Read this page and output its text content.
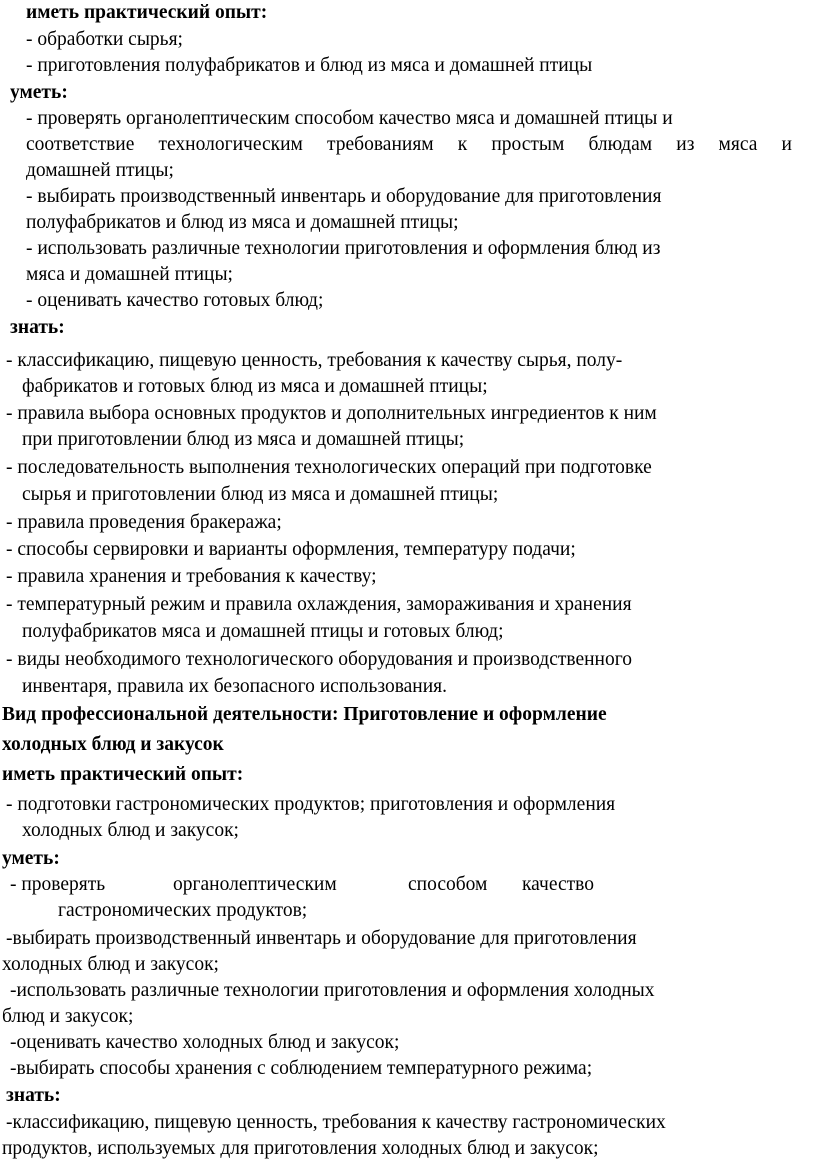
иметь практический опыт:
- обработки сырья;
- приготовления полуфабрикатов и блюд из мяса и домашней птицы
уметь:
- проверять органолептическим способом качество мяса и домашней птицы и
соответствие технологическим требованиям к простым блюдам из мяса и
домашней птицы;
- выбирать производственный инвентарь и оборудование для приготовления
полуфабрикатов и блюд из мяса и домашней птицы;
- использовать различные технологии приготовления и оформления блюд из
мяса и домашней птицы;
- оценивать качество готовых блюд;
знать:
- классификацию, пищевую ценность, требования к качеству сырья, полу-
фабрикатов и готовых блюд из мяса и домашней птицы;
- правила выбора основных продуктов и дополнительных ингредиентов к ним
при приготовлении блюд из мяса и домашней птицы;
- последовательность выполнения технологических операций при подготовке
сырья и приготовлении блюд из мяса и домашней птицы;
- правила проведения бракеража;
- способы сервировки и варианты оформления, температуру подачи;
- правила хранения и требования к качеству;
- температурный режим и правила охлаждения, замораживания и хранения
полуфабрикатов мяса и домашней птицы и готовых блюд;
- виды необходимого технологического оборудования и производственного
инвентаря, правила их безопасного использования.
Вид профессиональной деятельности: Приготовление и оформление
холодных блюд и закусок
иметь практический опыт:
- подготовки гастрономических продуктов; приготовления и оформления
холодных блюд и закусок;
уметь:
- проверять	органолептическим	способом качество
гастрономических продуктов;
-выбирать производственный инвентарь и оборудование для приготовления
холодных блюд и закусок;
-использовать различные технологии приготовления и оформления холодных
блюд и закусок;
-оценивать качество холодных блюд и закусок;
-выбирать способы хранения с соблюдением температурного режима;
знать:
-классификацию, пищевую ценность, требования к качеству гастрономических
продуктов, используемых для приготовления холодных блюд и закусок;
